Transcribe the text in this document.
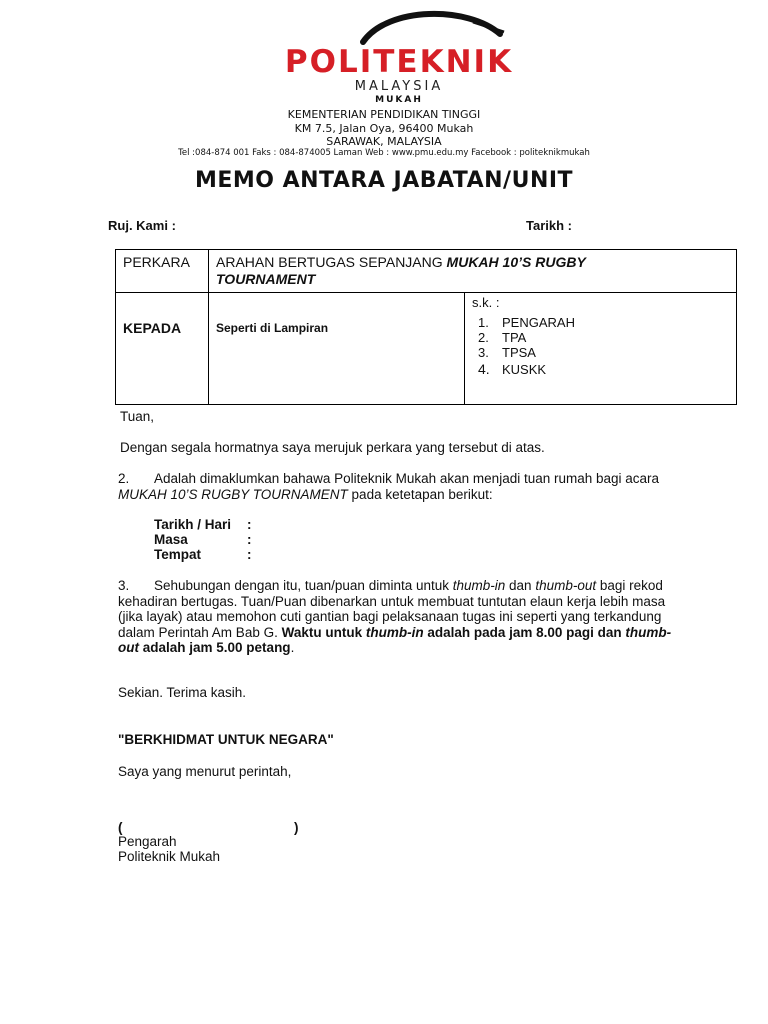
POLITEKNIK
MALAYSIA
MUKAH
KEMENTERIAN PENDIDIKAN TINGGI
KM 7.5, Jalan Oya, 96400 Mukah
SARAWAK, MALAYSIA
Tel :084-874 001 Faks : 084-874005 Laman Web : www.pmu.edu.my Facebook : politeknikmukah
MEMO ANTARA JABATAN/UNIT
Ruj. Kami :	Tarikh :
PERKARA ARAHAN BERTUGAS SEPANJANG MUKAH 10’S RUGBY
TOURNAMENT
KEPADA	Seperti di Lampiran
s.k. :
1. PENGARAH
2. TPA
3. TPSA
4. KUSKK
Tuan,
Dengan segala hormatnya saya merujuk perkara yang tersebut di atas.
2. Adalah dimaklumkan bahawa Politeknik Mukah akan menjadi tuan rumah bagi acara
MUKAH 10’S RUGBY TOURNAMENT pada ketetapan berikut:
Tarikh / Hari :
Masa	:
Tempat	:
3. Sehubungan dengan itu, tuan/puan diminta untuk thumb-in dan thumb-out bagi rekod
kehadiran bertugas. Tuan/Puan dibenarkan untuk membuat tuntutan elaun kerja lebih masa
(jika layak) atau memohon cuti gantian bagi pelaksanaan tugas ini seperti yang terkandung
dalam Perintah Am Bab G. Waktu untuk thumb-in adalah pada jam 8.00 pagi dan thumb-
out adalah jam 5.00 petang.
Sekian. Terima kasih.
"BERKHIDMAT UNTUK NEGARA"
Saya yang menurut perintah,
(	)
Pengarah
Politeknik Mukah
